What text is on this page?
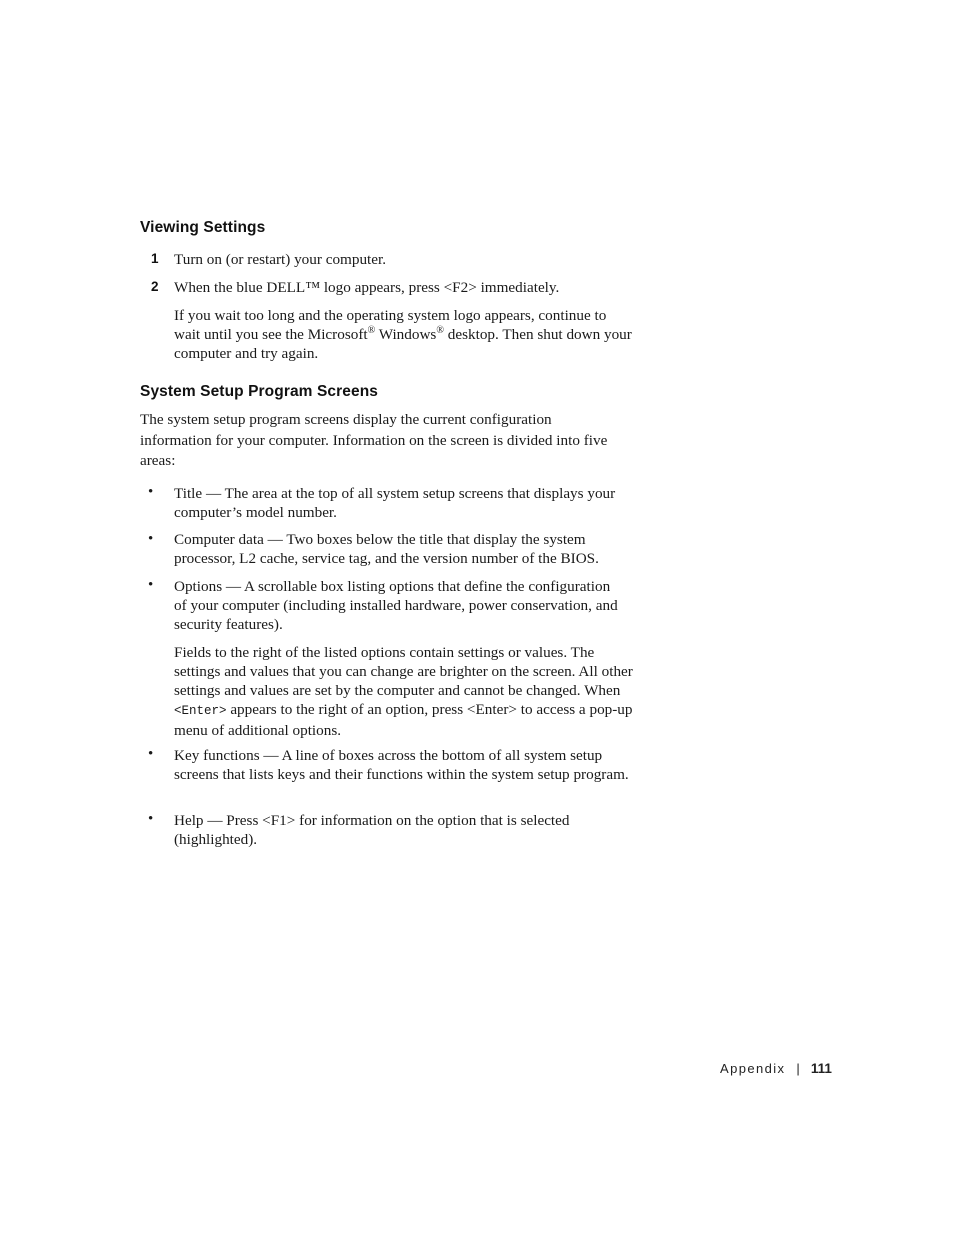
Viewing Settings
1 Turn on (or restart) your computer.

2 When the blue DELL™ logo appears, press <F2> immediately.

If you wait too long and the operating system logo appears, continue to wait until you see the Microsoft® Windows® desktop. Then shut down your computer and try again.

System Setup Program Screens

The system setup program screens display the current configuration information for your computer. Information on the screen is divided into five areas:

• Title — The area at the top of all system setup screens that displays your computer’s model number.

• Computer data — Two boxes below the title that display the system processor, L2 cache, service tag, and the version number of the BIOS.

• Options — A scrollable box listing options that define the configuration of your computer (including installed hardware, power conservation, and security features).

Fields to the right of the listed options contain settings or values. The settings and values that you can change are brighter on the screen. All other settings and values are set by the computer and cannot be changed. When <Enter> appears to the right of an option, press <Enter> to access a pop-up menu of additional options.

• Key functions — A line of boxes across the bottom of all system setup screens that lists keys and their functions within the system setup program.

• Help — Press <F1> for information on the option that is selected (highlighted).

Appendix | 111
